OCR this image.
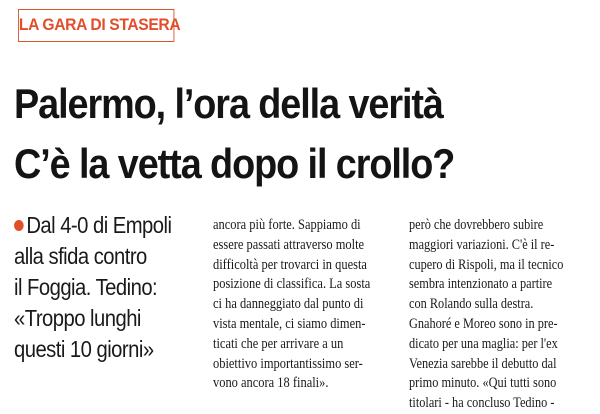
LA GARA DI STASERA
Palermo, l’ora della verità
C’è la vetta dopo il crollo?
Dal 4-0 di Empoli
alla sfida contro
il Foggia. Tedino:
«Troppo lunghi
questi 10 giorni»
ancora più forte. Sappiamo di
essere passati attraverso molte
difficoltà per trovarci in questa
posizione di classifica. La sosta
ci ha danneggiato dal punto di
vista mentale, ci siamo dimen-
ticati che per arrivare a un
obiettivo importantissimo ser-
vono ancora 18 finali».
però che dovrebbero subire
maggiori variazioni. C'è il re-
cupero di Rispoli, ma il tecnico
sembra intenzionato a partire
con Rolando sulla destra.
Gnahoré e Moreo sono in pre-
dicato per una maglia: per l'ex
Venezia sarebbe il debutto dal
primo minuto. «Qui tutti sono
titolari - ha concluso Tedino -
